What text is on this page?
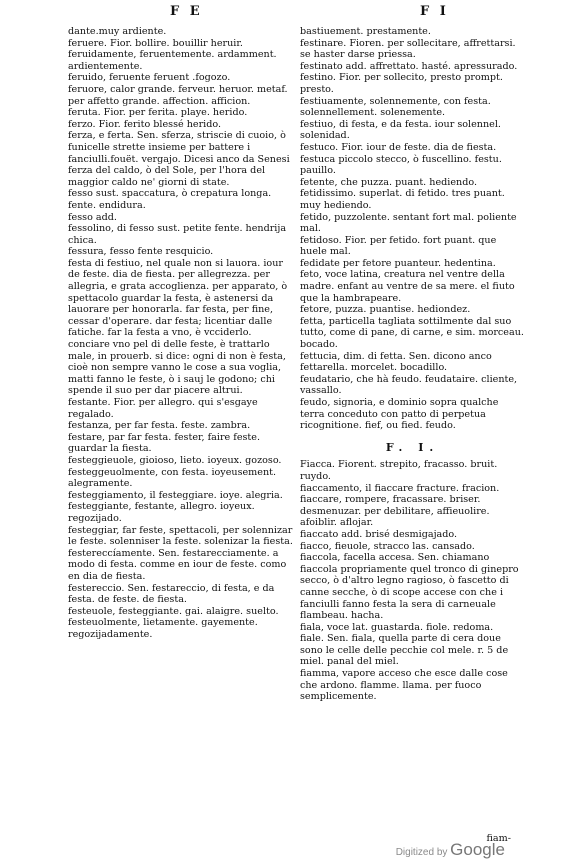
F E	F I

dante.muy ardiente.

feruere. Fior. bollire. bouillir heruir.

feruidamente, feruentemente. ardamment. ardientemente.

feruido, feruente feruent .fogozo.

feruore, calor grande. ferveur. heruor. metaf. per affetto grande. affection. afficion.

feruta. Fior. per ferita. playe. herido.

ferzo. Fior. ferito blessé herido.

ferza, e ferta. Sen. sferza, striscie di cuoio, ò funicelle strette insieme per battere i fanciulli.fouët. vergajo. Dicesi anco da Senesi ferza del caldo, ò del Sole, per l'hora del maggior caldo ne' giorni di state.

fesso sust. spaccatura, ò crepatura longa. fente. endidura.

fesso add.

fessolino, di fesso sust. petite fente. hendrija chica.

fessura, fesso fente resquicio.

festa di festiuo, nel quale non si lauora. iour de feste. dia de fiesta. per allegrezza. per allegria, e grata accoglienza. per apparato, ò spettacolo guardar la festa, è astenersi da lauorare per honorarla. far festa, per fine, cessar d'operare. dar festa; licentiar dalle fatiche. far la festa a vno, è vcciderlo. conciare vno pel di delle feste, è trattarlo male, in prouerb. si dice: ogni di non è festa, cioè non sempre vanno le cose a sua voglia, matti fanno le feste, ò i sauj le godono; chi spende il suo per dar piacere altrui.

festante. Fior. per allegro. qui s'esgaye regalado.

festanza, per far festa. feste. zambra.

festare, par far festa. fester, faire feste. guardar la fiesta.

festeggieuole, gioioso, lieto. ioyeux. gozoso.

festeggeuolmente, con festa. ioyeusement. alegramente.

festeggiamento, il festeggiare. ioye. alegria.

festeggiante, festante, allegro. ioyeux. regozijado.

festeggiar, far feste, spettacoli, per solennizar le feste. solenniser la feste. solenizar la fiesta.

festereccíamente. Sen. festarecciamente. a modo di festa. comme en iour de feste. como en dia de fiesta.

festereccio. Sen. festareccio, di festa, e da festa. de feste. de fiesta.

festeuole, festeggiante. gai. alaigre. suelto.

festeuolmente, lietamente. gayemente. regozijadamente.

bastiuement. prestamente.

festinare. Fioren. per sollecitare, affrettarsi. se haster darse priessa.

festinato add. affrettato. hasté. apressurado.

festino. Fior. per sollecito, presto prompt. presto.

festiuamente, solennemente, con festa. solennellement. solenemente.

festiuo, di festa, e da festa. iour solennel. solenidad.

festuco. Fior. iour de feste. dia de fiesta.

festuca piccolo stecco, ò fuscellino. festu. pauillo.

fetente, che puzza. puant. hediendo.

fetidissimo. superlat. di fetido. tres puant. muy hediendo.

fetido, puzzolente. sentant fort mal. poliente mal.

fetidoso. Fior. per fetido. fort puant. que huele mal.

fedidate per fetore puanteur. hedentina.

feto, voce latina, creatura nel ventre della madre. enfant au ventre de sa mere. el fiuto que la hambrapeare.

fetore, puzza. puantise. hediondez.

fetta, particella tagliata sottilmente dal suo tutto, come di pane, di carne, e sim. morceau. bocado.

fettucia, dim. di fetta. Sen. dicono anco fettarella. morcelet. bocadillo.

feudatario, che hà feudo. feudataire. cliente, vassallo.

feudo, signoria, e dominio sopra qualche terra conceduto con patto di perpetua ricognitione. fief, ou fied. feudo.

F. I.

Fiacca. Fiorent. strepito, fracasso. bruit. ruydo.

fiaccamento, il fiaccare fracture. fracion.

fiaccare, rompere, fracassare. briser. desmenuzar. per debilitare, affieuolire. afoiblir. aflojar.

fiaccato add. brisé desmigajado.

fiacco, fieuole, stracco las. cansado.

fiaccola, facella accesa. Sen. chiamano fiaccola propriamente quel tronco di ginepro secco, ò d'altro legno ragioso, ò fascetto di canne secche, ò di scope accese con che i fanciulli fanno festa la sera di carneuale flambeau. hacha.

fiala, voce lat. guastarda. fiole. redoma.

fiale. Sen. fiala, quella parte di cera doue sono le celle delle pecchie col mele. r. 5 de miel. panal del miel.

fiamma, vapore acceso che esce dalle cose che ardono. flamme. llama. per fuoco semplicemente.

fiam-
Digitized by Google
